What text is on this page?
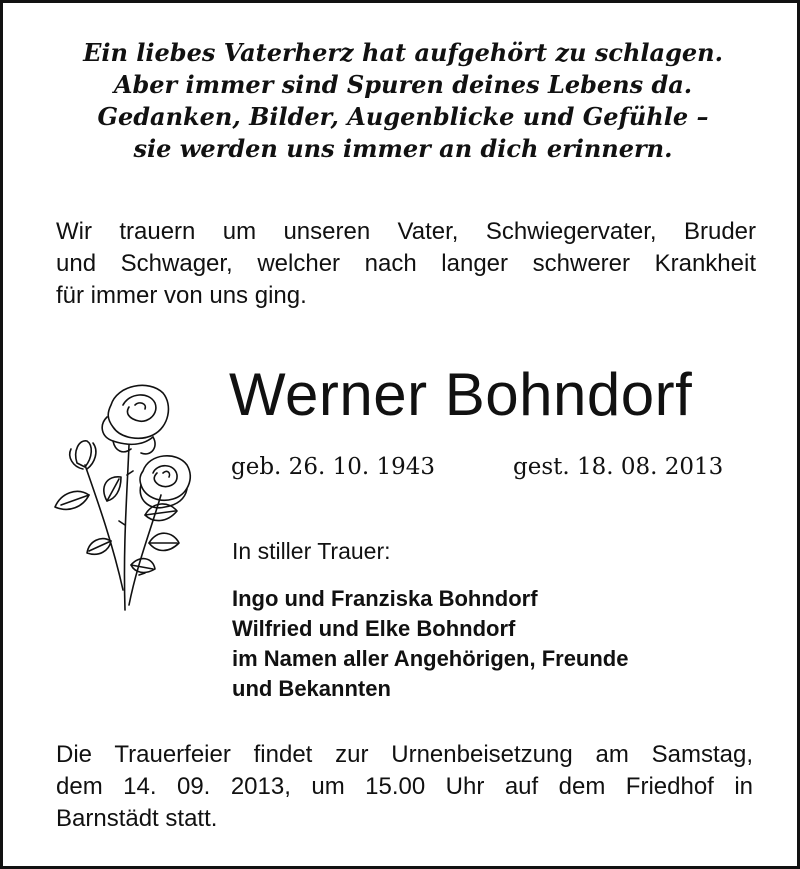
Ein liebes Vaterherz hat aufgehört zu schlagen.
Aber immer sind Spuren deines Lebens da.
Gedanken, Bilder, Augenblicke und Gefühle –
sie werden uns immer an dich erinnern.
Wir trauern um unseren Vater, Schwiegervater, Bruder
und Schwager, welcher nach langer schwerer Krankheit
für immer von uns ging.
Werner Bohndorf
geb. 26. 10. 1943	gest. 18. 08. 2013
In stiller Trauer:
Ingo und Franziska Bohndorf
Wilfried und Elke Bohndorf
im Namen aller Angehörigen, Freunde
und Bekannten
Die Trauerfeier findet zur Urnenbeisetzung am Samstag,
dem 14. 09. 2013, um 15.00 Uhr auf dem Friedhof in
Barnstädt statt.
